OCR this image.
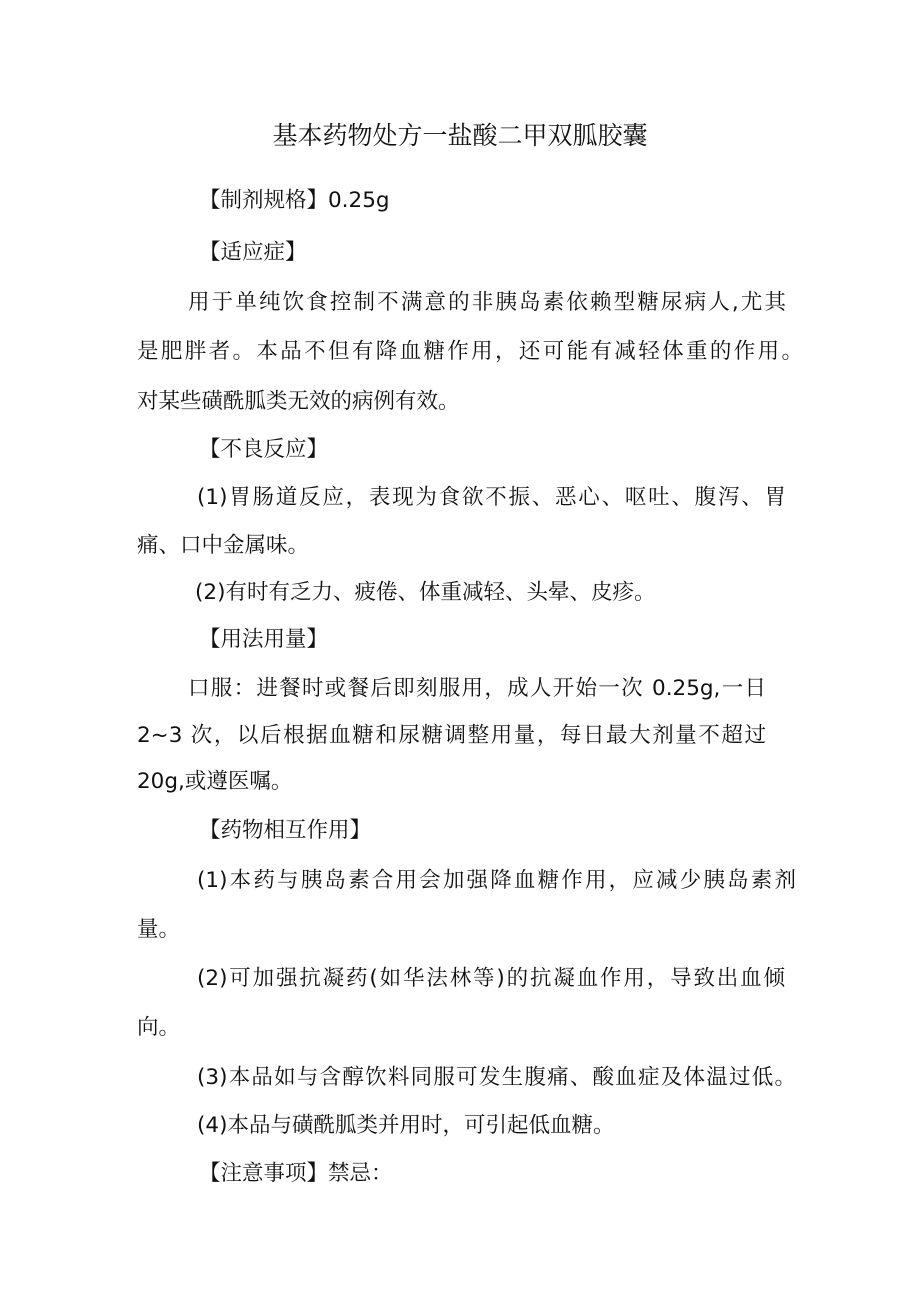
基本药物处方一盐酸二甲双胍胶囊
【制剂规格】0.25g
【适应症】
用于单纯饮食控制不满意的非胰岛素依赖型糖尿病人,尤其
是肥胖者。本品不但有降血糖作用，还可能有减轻体重的作用。
对某些磺酰胍类无效的病例有效。
【不良反应】
(1)胃肠道反应，表现为食欲不振、恶心、呕吐、腹泻、胃
痛、口中金属味。
(2)有时有乏力、疲倦、体重减轻、头晕、皮疹。
【用法用量】
口服：进餐时或餐后即刻服用，成人开始一次 0.25g,一日
2~3 次，以后根据血糖和尿糖调整用量，每日最大剂量不超过
20g,或遵医嘱。
【药物相互作用】
(1)本药与胰岛素合用会加强降血糖作用，应减少胰岛素剂
量。
(2)可加强抗凝药(如华法林等)的抗凝血作用，导致出血倾
向。
(3)本品如与含醇饮料同服可发生腹痛、酸血症及体温过低。
(4)本品与磺酰胍类并用时，可引起低血糖。
【注意事项】禁忌：
